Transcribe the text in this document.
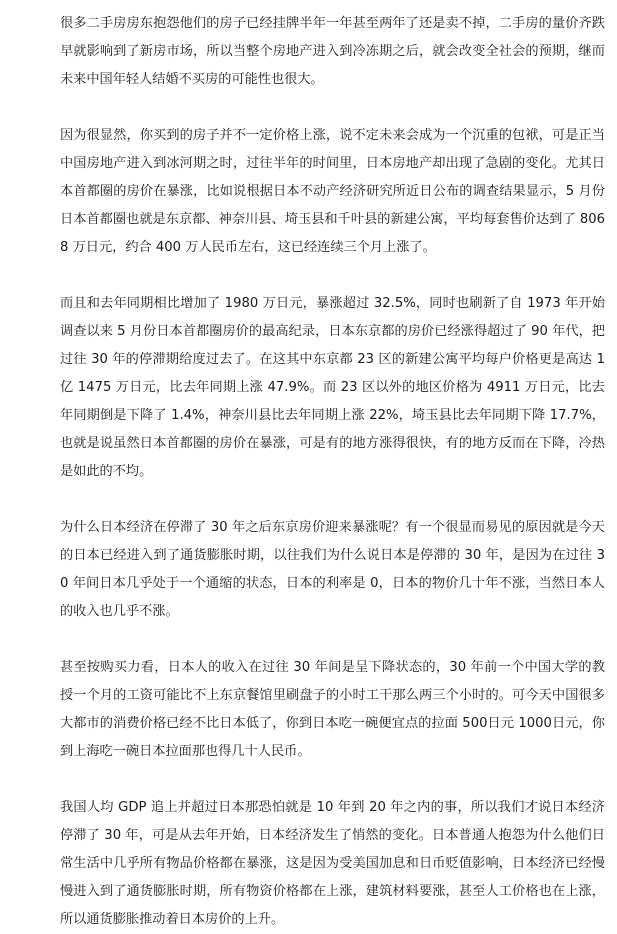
很多二手房房东抱怨他们的房子已经挂牌半年一年甚至两年了还是卖不掉，二手房的量价齐跌早就影响到了新房市场，所以当整个房地产进入到冷冻期之后，就会改变全社会的预期，继而未来中国年轻人结婚不买房的可能性也很大。

因为很显然，你买到的房子并不一定价格上涨，说不定未来会成为一个沉重的包袱，可是正当中国房地产进入到冰河期之时，过往半年的时间里，日本房地产却出现了急剧的变化。尤其日本首都圈的房价在暴涨，比如说根据日本不动产经济研究所近日公布的调查结果显示，5 月份日本首都圈也就是东京都、神奈川县、埼玉县和千叶县的新建公寓，平均每套售价达到了 8068 万日元，约合 400 万人民币左右，这已经连续三个月上涨了。

而且和去年同期相比增加了 1980 万日元，暴涨超过 32.5%，同时也刷新了自 1973 年开始调查以来 5 月份日本首都圈房价的最高纪录，日本东京都的房价已经涨得超过了 90 年代，把过往 30 年的停滞期给度过去了。在这其中东京都 23 区的新建公寓平均每户价格更是高达 1 亿 1475 万日元，比去年同期上涨 47.9%。而 23 区以外的地区价格为 4911 万日元，比去年同期倒是下降了 1.4%，神奈川县比去年同期上涨 22%，埼玉县比去年同期下降 17.7%，也就是说虽然日本首都圈的房价在暴涨，可是有的地方涨得很快，有的地方反而在下降，冷热是如此的不均。

为什么日本经济在停滞了 30 年之后东京房价迎来暴涨呢？有一个很显而易见的原因就是今天的日本已经进入到了通货膨胀时期，以往我们为什么说日本是停滞的 30 年，是因为在过往 30 年间日本几乎处于一个通缩的状态，日本的利率是 0，日本的物价几十年不涨，当然日本人的收入也几乎不涨。

甚至按购买力看，日本人的收入在过往 30 年间是呈下降状态的，30 年前一个中国大学的教授一个月的工资可能比不上东京餐馆里刷盘子的小时工干那么两三个小时的。可今天中国很多大都市的消费价格已经不比日本低了，你到日本吃一碗便宜点的拉面 500日元 1000日元，你到上海吃一碗日本拉面那也得几十人民币。

我国人均 GDP 追上并超过日本那恐怕就是 10 年到 20 年之内的事，所以我们才说日本经济停滞了 30 年，可是从去年开始，日本经济发生了悄然的变化。日本普通人抱怨为什么他们日常生活中几乎所有物品价格都在暴涨，这是因为受美国加息和日币贬值影响，日本经济已经慢慢进入到了通货膨胀时期，所有物资价格都在上涨，建筑材料要涨，甚至人工价格也在上涨，所以通货膨胀推动着日本房价的上升。
